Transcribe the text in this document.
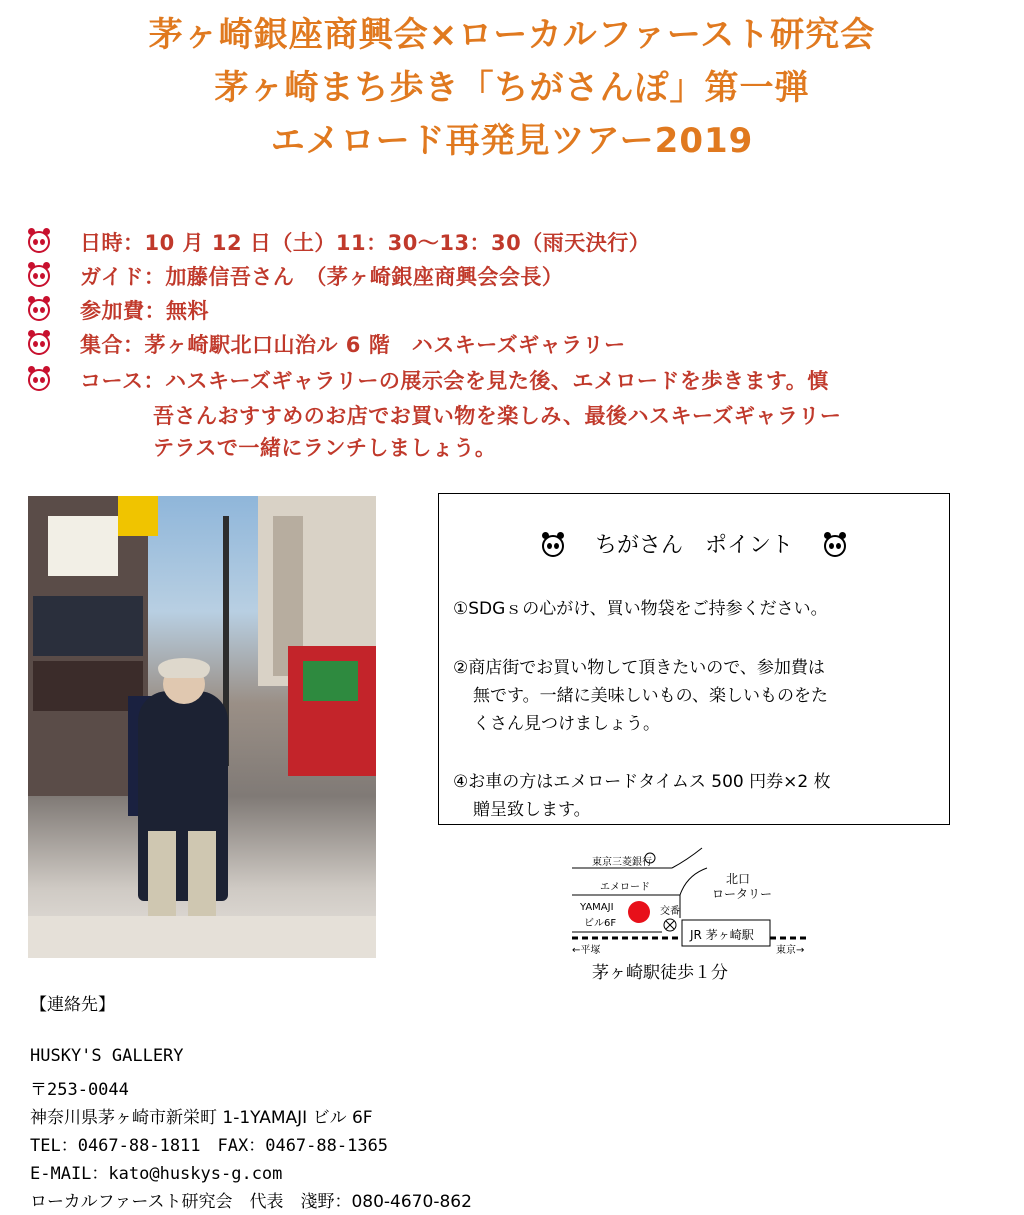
茅ヶ崎銀座商興会×ローカルファースト研究会
茅ヶ崎まち歩き「ちがさんぽ」第一弾
エメロード再発見ツアー2019
日時：10 月 12 日（土）11：30〜13：30（雨天決行）
ガイド：加藤信吾さん　（茅ヶ崎銀座商興会会長）
参加費：無料
集合：茅ヶ崎駅北口山治ル 6 階　ハスキーズギャラリー
コース：ハスキーズギャラリーの展示会を見た後、エメロードを歩きます。慎
吾さんおすすめのお店でお買い物を楽しみ、最後ハスキーズギャラリー
テラスで一緒にランチしましょう。
ちがさん　ポイント
①SDGｓの心がけ、買い物袋をご持参ください。
②商店街でお買い物して頂きたいので、参加費は
無です。一緒に美味しいもの、楽しいものをた
くさん見つけましょう。
④お車の方はエメロードタイムス 500 円券×2 枚
贈呈致します。
東京三菱銀行
エメロード
北口
ロータリー
YAMAJI
ビル6F
交番
JR 茅ヶ崎駅
←平塚	東京→
茅ヶ崎駅徒歩１分
【連絡先】
HUSKY'S GALLERY
〒253-0044
神奈川県茅ヶ崎市新栄町 1-1YAMAJI ビル 6F
TEL：0467-88-1811　FAX：0467-88-1365
E-MAIL：kato@huskys-g.com
ローカルファースト研究会　代表　淺野：080-4670-862
